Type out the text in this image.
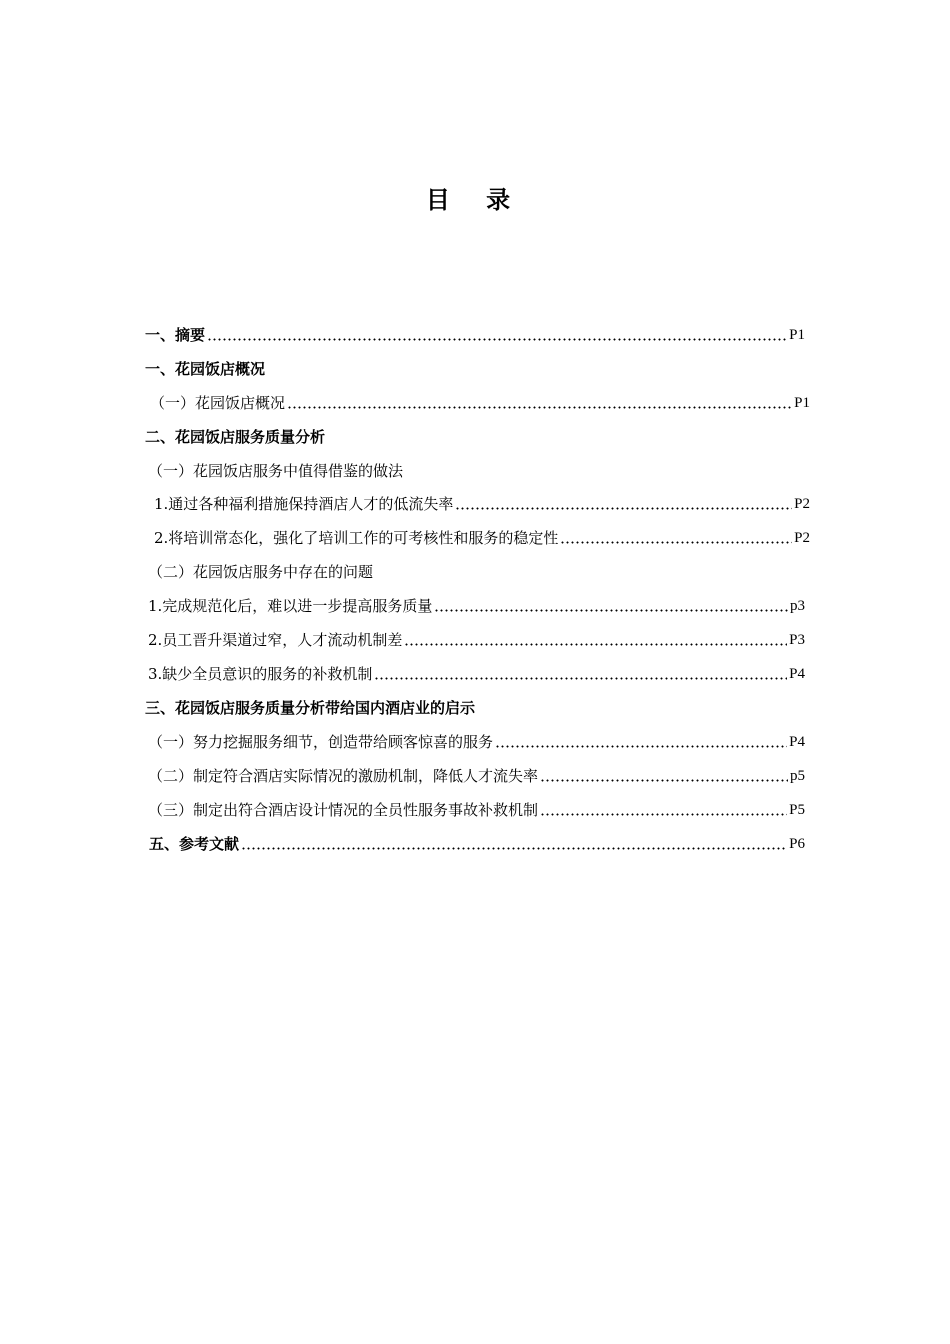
目 录
一、摘要	P1
一、花园饭店概况
（一）花园饭店概况	P1
二、花园饭店服务质量分析
（一）花园饭店服务中值得借鉴的做法
1.通过各种福利措施保持酒店人才的低流失率	P2
2.将培训常态化，强化了培训工作的可考核性和服务的稳定性	P2
（二）花园饭店服务中存在的问题
1.完成规范化后，难以进一步提高服务质量	p3
2.员工晋升渠道过窄，人才流动机制差	P3
3.缺少全员意识的服务的补救机制	P4
三、花园饭店服务质量分析带给国内酒店业的启示
（一）努力挖掘服务细节，创造带给顾客惊喜的服务	P4
（二）制定符合酒店实际情况的激励机制，降低人才流失率	p5
（三）制定出符合酒店设计情况的全员性服务事故补救机制	P5
五、参考文献	P6
